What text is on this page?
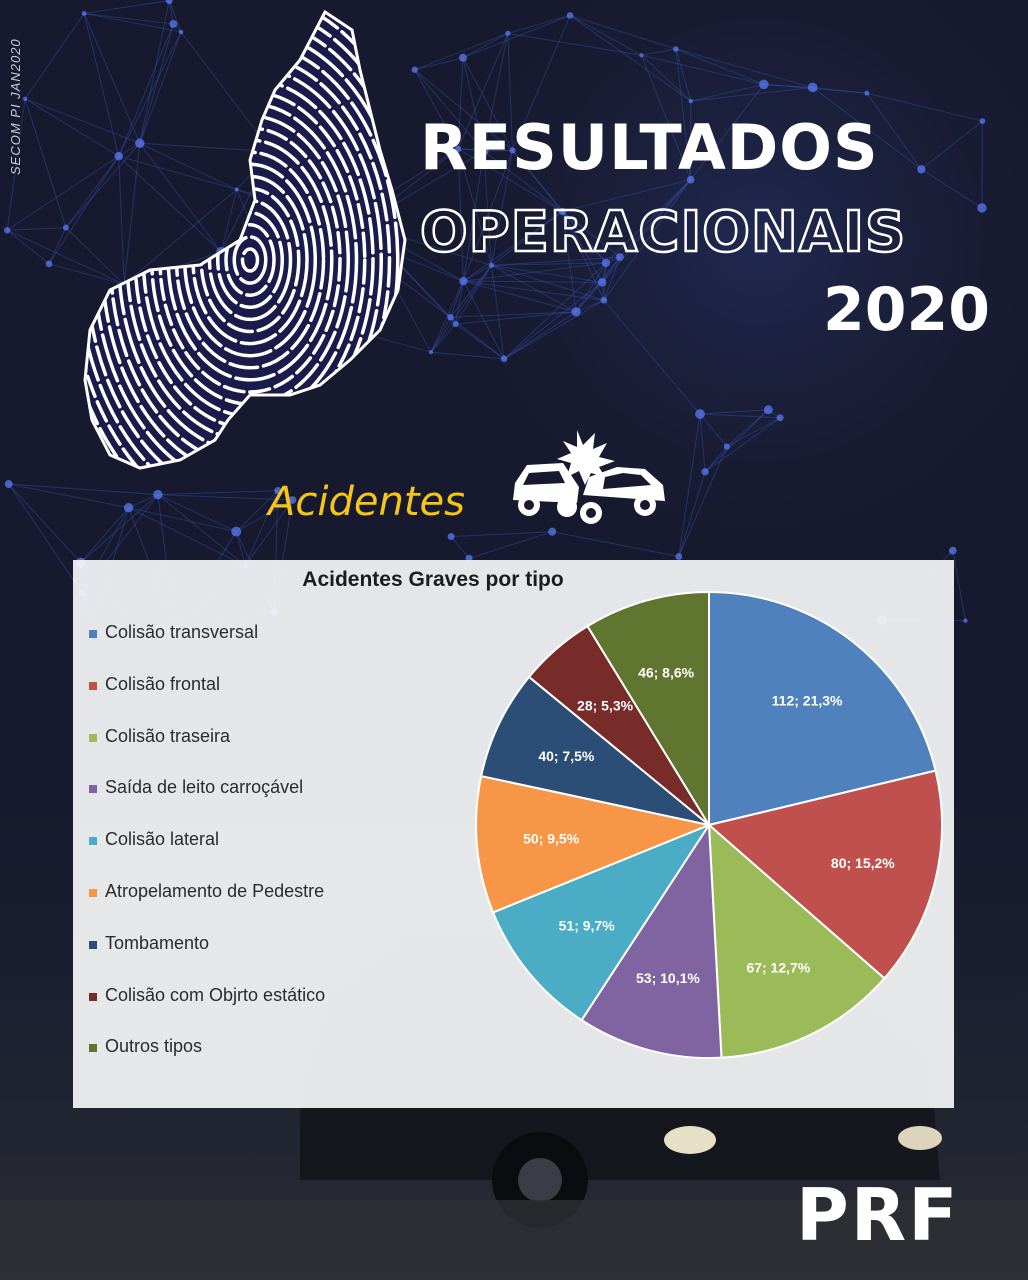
SECOM PI JAN2020	RESULTADOS
OPERACIONAIS
2020
Acidentes
Acidentes Graves por tipo
Colisão transversal
Colisão frontal
Colisão traseira
Saída de leito carroçável
Colisão lateral
Atropelamento de Pedestre
Tombamento
Colisão com Objrto estático
Outros tipos
112; 21,3%
80; 15,2%
67; 12,7%
53; 10,1%
51; 9,7%
50; 9,5%
40; 7,5%
28; 5,3%
46; 8,6%
PRF
